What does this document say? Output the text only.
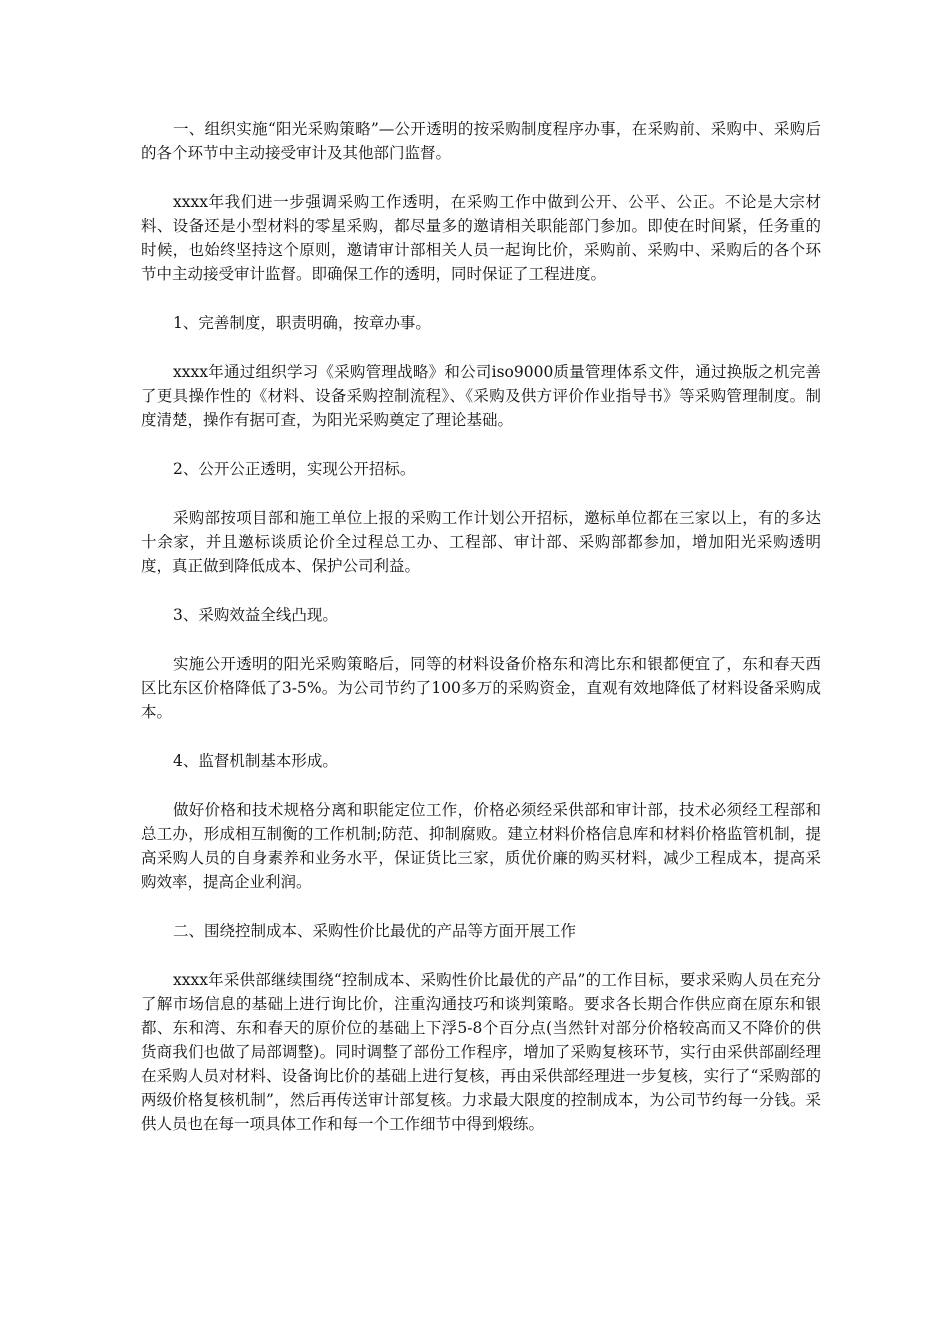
一、组织实施“阳光采购策略”—公开透明的按采购制度程序办事，在采购前、采购中、采购后的各个环节中主动接受审计及其他部门监督。

xxxx年我们进一步强调采购工作透明，在采购工作中做到公开、公平、公正。不论是大宗材料、设备还是小型材料的零星采购，都尽量多的邀请相关职能部门参加。即使在时间紧，任务重的时候，也始终坚持这个原则，邀请审计部相关人员一起询比价，采购前、采购中、采购后的各个环节中主动接受审计监督。即确保工作的透明，同时保证了工程进度。

1、完善制度，职责明确，按章办事。

xxxx年通过组织学习《采购管理战略》和公司iso9000质量管理体系文件，通过换版之机完善了更具操作性的《材料、设备采购控制流程》、《采购及供方评价作业指导书》等采购管理制度。制度清楚，操作有据可查，为阳光采购奠定了理论基础。

2、公开公正透明，实现公开招标。

采购部按项目部和施工单位上报的采购工作计划公开招标，邀标单位都在三家以上，有的多达十余家，并且邀标谈质论价全过程总工办、工程部、审计部、采购部都参加，增加阳光采购透明度，真正做到降低成本、保护公司利益。

3、采购效益全线凸现。

实施公开透明的阳光采购策略后，同等的材料设备价格东和湾比东和银都便宜了，东和春天西区比东区价格降低了3-5%。为公司节约了100多万的采购资金，直观有效地降低了材料设备采购成本。

4、监督机制基本形成。

做好价格和技术规格分离和职能定位工作，价格必须经采供部和审计部，技术必须经工程部和总工办，形成相互制衡的工作机制;防范、抑制腐败。建立材料价格信息库和材料价格监管机制，提高采购人员的自身素养和业务水平，保证货比三家，质优价廉的购买材料，减少工程成本，提高采购效率，提高企业利润。

二、围绕控制成本、采购性价比最优的产品等方面开展工作

xxxx年采供部继续围绕“控制成本、采购性价比最优的产品”的工作目标，要求采购人员在充分了解市场信息的基础上进行询比价，注重沟通技巧和谈判策略。要求各长期合作供应商在原东和银都、东和湾、东和春天的原价位的基础上下浮5-8个百分点(当然针对部分价格较高而又不降价的供货商我们也做了局部调整)。同时调整了部份工作程序，增加了采购复核环节，实行由采供部副经理在采购人员对材料、设备询比价的基础上进行复核，再由采供部经理进一步复核，实行了“采购部的两级价格复核机制”，然后再传送审计部复核。力求最大限度的控制成本，为公司节约每一分钱。采供人员也在每一项具体工作和每一个工作细节中得到煅练。
